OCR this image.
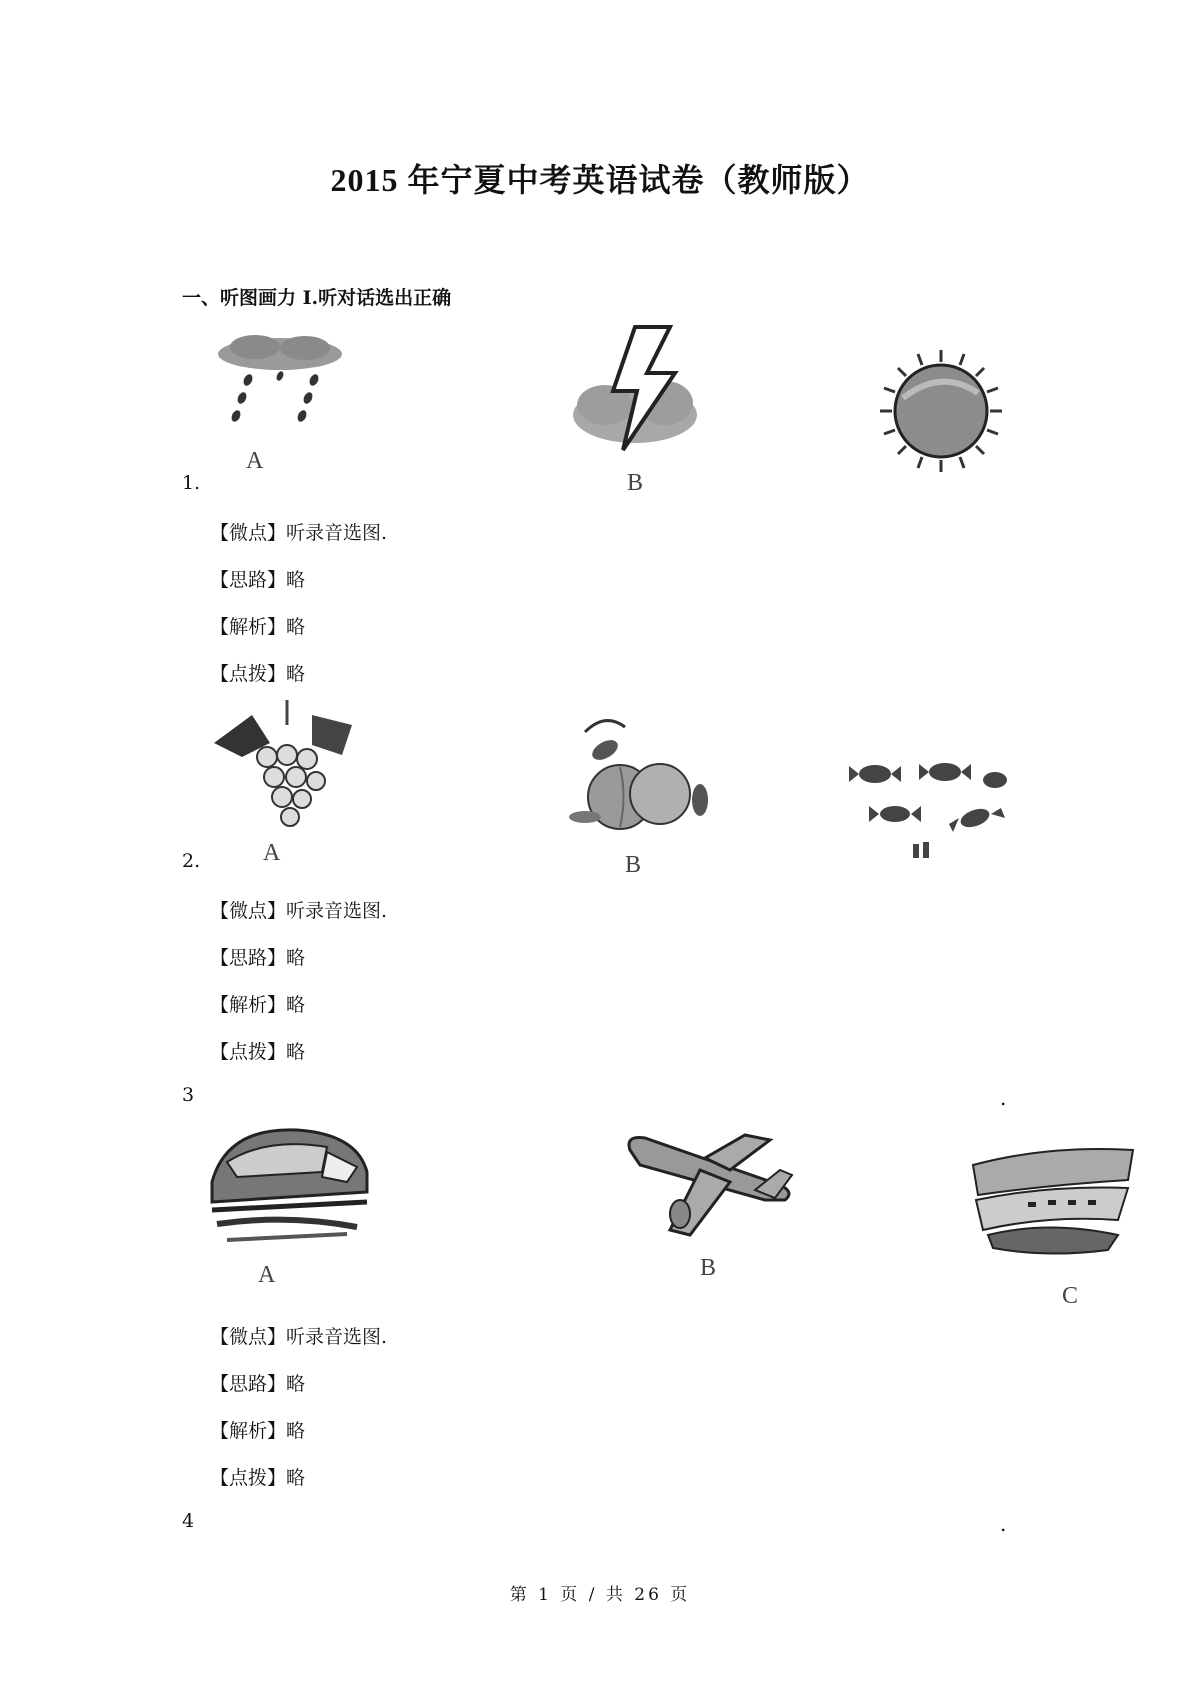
2015 年宁夏中考英语试卷（教师版）
一、听图画力 I.听对话选出正确
A
B
1.
【微点】听录音选图.
【思路】略
【解析】略
【点拨】略
A	B
2.
【微点】听录音选图.
【思路】略
【解析】略
【点拨】略
3	.
A	B
C
【微点】听录音选图.
【思路】略
【解析】略
【点拨】略
4	.
第 1 页 / 共 26 页
